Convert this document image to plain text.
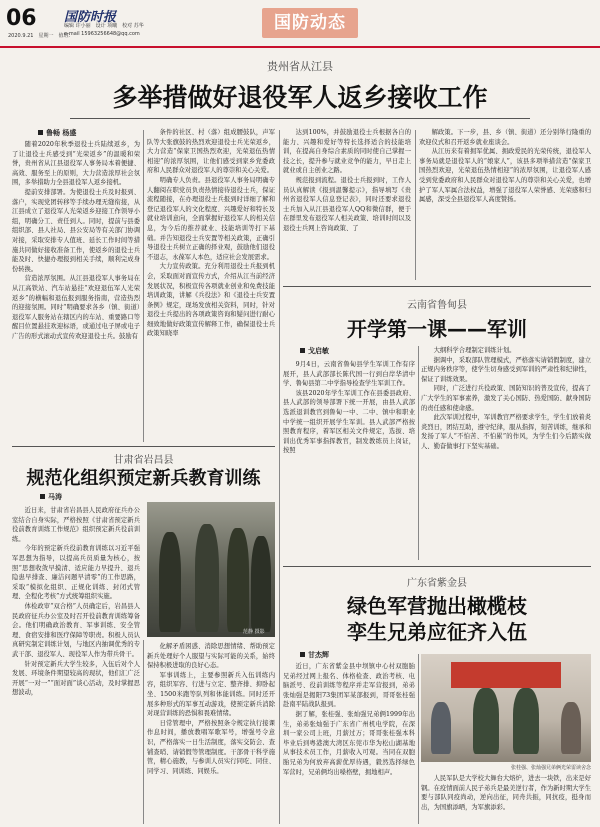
06
2020.9.21　星期一　值班：
国防时报
编辑 许小丽　设计 项曦　校对 苏华
e-mail 15963256648@qq.com
国防动态
贵州省从江县
多举措做好退役军人返乡接收工作
鲁畅 杨盛

随着2020年秋季退役士兵陆续返乡，为了让退役士兵感受到“光荣返乡”的温暖和荣誉，贵州省从江县退役军人事务局本着便捷、高效、服务至上的原则，大力营造浓厚社会氛围，多举措助力全县退役军人返乡接机。

提前安排部署。为使退役士兵及时报到、落户，实现党团转移等手续办理无缝衔接，从江县成立了退役军人光荣返乡迎接工作领导小组，明确分工、责任到人。同时，提前与县委组织部、县人社局、县公安局等有关部门协调对接，采取安排专人值班、延长工作时间等措施共同做好接收准备工作，使返乡的退役士兵能及时、快捷办理报到相关手续，顺利完成身份转换。

营造浓厚氛围。从江县退役军人事务局在从江高铁站、汽车站悬挂“欢迎退伍军人光荣返乡”的横幅和退伍报到服务指南，营造热烈的迎接氛围。同时“明确要求各乡（镇、街道）退役军人服务站在辖区内的车站、重要路口等醒目位置悬挂欢迎标语，或通过电子屏或电子广告的形式滚动式宣传欢迎退役士兵。鼓励有

条件的社区、村（落）组成腰鼓队，声军队等大张旗鼓的热烈欢迎退役士兵光荣返乡，大力营造“保家卫国热烈欢迎，光荣退伍热情相迎”的浓厚氛围，让他们感受到家乡党委政府和人民群众对退役军人的尊崇和关心关爱。

明确专人负责。县退役军人事务局明确专人翻阅在职党员负责热情接待退役士兵，保证流程随接，在办理退役士兵报到时详细了解和登记退役军人的文化程度、兴趣爱好和特长及就业培训意向，全面掌握好退役军人的相关信息，为今后的推荐就业、技能培训等打下基础。并告知退役士兵安置等相关政策，正确引导退役士兵树立正确的择业观，鼓励他们退役不退志，永葆军人本色，适应社会发展需求。

大力宣传政策。充分利用退役士兵报到机会，采取面对面宣传方式，介绍从江当前经济发展状况，积极宣传各项就业创业和免费技能培训政策，讲解《兵役法》和《退役士兵安置条例》规定，现场发放相关资料，同时，针对退役士兵提出的各项政策咨询和疑问进行耐心细致地做好政策宣传解释工作，确保退役士兵政策知晓率

达到100%，并鼓励退役士兵根据各自的能力、兴趣和爱好等特长选择适合的技能培训，在提高自身综合素质的同时使自己掌握一技之长，提升参与就业竞争的能力，早日走上就业或自主创业之路。

规范报到流程。退役士兵报到时，工作人员认真解读《报到温馨提示》，指导填写《贵州省退役军人信息登记表》，同时还要求退役士兵加入从江县退役军人QQ和微信群，便于在群里发布退役军人相关政策、培训时间以及退役士兵网上咨询政策、了

解政策。下一步，县、乡（镇、街道）还分别举行隆重的欢迎仪式和召开返乡就业座谈会。

从江历来有着拥军优属、拥政爱民的光荣传统，退役军人事务局就是退役军人的“娘家人”，该县多项举措营造“保家卫国热烈欢迎，光荣退伍热情相迎”的浓厚氛围，让退役军人感受到党委政府和人民群众对退役军人的尊崇和关心关爱，也增护了军人军属合法权益，增强了退役军人荣誉感、光荣感和归属感，深受全县退役军人高度赞扬。

云南省鲁甸县
开学第一课——军训
戈启敏

9月4日，云南省鲁甸县学生军训工作有序展开，县人武部部长陈代国一行到白岸华清中学、鲁甸县第二中学指导检查学生军训工作。

该县2020年学生军训工作在县委县政府、县人武部的领导部署下统一开展，由县人武部选派退训教官到鲁甸一中、二中、镇中和职业中学统一组织开展学生军训。县人武部严格按照教育程序，着军区相关文件规定，选拔、培训出优秀军事指挥教官，制发教练员上岗证，按照

大纲科学合理制定训练计划。

据调中，采取部队管理模式，严格落实请销假制度，建立正规内务秩序等，使学生切身感受到军训的严肃性和纪律性，保证了训练效果。

同时，广泛进行兵役政策、国防知识的普及宣传，提高了广大学生的军事素养，激发了关心国防、热爱国防、献身国防的责任感和使命感。

此次军训过程中，军训教官严格要求学生，学生们放着炎炎烈日，团结互助，遵守纪律，服从指挥，刻苦训练，继承和发扬了军人“不怕苦、不怕累”的作风，为学生们今后踏实做人、勤奋做事打下坚实基础。

甘肃省岩昌县
规范化组织预定新兵教育训练
马涛
范静 摄影

近日来，甘肃省岩昌县人民政府征兵办公室结合自身实际，严格按照《甘肃省预定新兵役前教育训练工作规范》组织预定新兵役前训练。

今年的预定新兵役前教育训练以习近平强军思想为指导，以提高兵员质量为核心，按照“思想收敛早摸清、适应能力早提升、退兵隐患早排查、廉洁问题早清零”的工作思路，采取“模拟化组织、正规化训练、封闭式管理、全程化考核”方式统筹组织实施。

体检政审“双合格”人员确定后，岩昌县人民政府征兵办公室及时召开役前教育训练筹备会。他们明确政治教育、军事训练、安全管理、食宿安排和医疗保障等职责。积极人员认真研究制定训练计划，与地区内抽调优秀的专武干部、退役军人、现役军人作为带兵骨干。

针对预定新兵大学生较多，入伍后对个人发展、环境条件期望较高的现状，他们汇广泛开展“一对一”“面对面”谈心活动，及时掌握思想波动，

化解矛盾困惑、消除思想情绪、帮助预定新兵处理好个人服望与实际可能的关系，始终保持积极进取的良好心态。

军事训练上，主要参照新兵入伍训练内容，组织军容、行进与立定、整齐排、抑卧起坐、1500米跑等队列和体能训练。同时还开展多种形式的军事互动游戏，使预定新兵消除对现营训练的恐惧和畏难情绪。

日常管理中，严格按照条令规定执行接课作息时间，播放教唱军歌军号，增强号令意识，严格落实一日生活制度，落实交防会、查铺查哨、请销假等管理制度。干部骨干科学施管，精心施教，与参训人员实行同吃、同住、同学习、同训练、同娱乐。

广东省紫金县
绿色军营抛出橄榄枝
孪生兄弟应征齐入伍
甘杰辉

近日，广东省紫金县中坝镇中心村双胞胎兄弟经过网上报名、体格检查、政治考核、电脑派号、役前训练等程序并走军营报到，弟弟张灿强是揭阳73集团军某部报到，哥哥张桂强赴南平陆战队报到。

据了解，张桂强、张灿强兄弟俩1999年出生，弟弟张灿强于广东省广州机电学院，在深圳一家公司上班，月薪过万；哥哥张桂强本科毕业后到粤港澳大湾区东莞市华为松山湖基地从事技术员工作，月薪收入可观。当同在双胞胎兄弟为何放弃高薪优厚待遇，毅然选择绿色军营时，兄弟俩均出嗓格壁，拥地相声。

张桂强、张灿强兄弟俩光荣雷读舍念

人民军队是大学校大舞台大熔炉，进去一块铁，出来是好钢。在疫情面前人民子弟兵是最美逆行者，作为新时期大学生要与部队同疫尚动，逆向出征，同舟共振，同抗疫，挺身而出，为国旗添晒，为军旗添彩。
